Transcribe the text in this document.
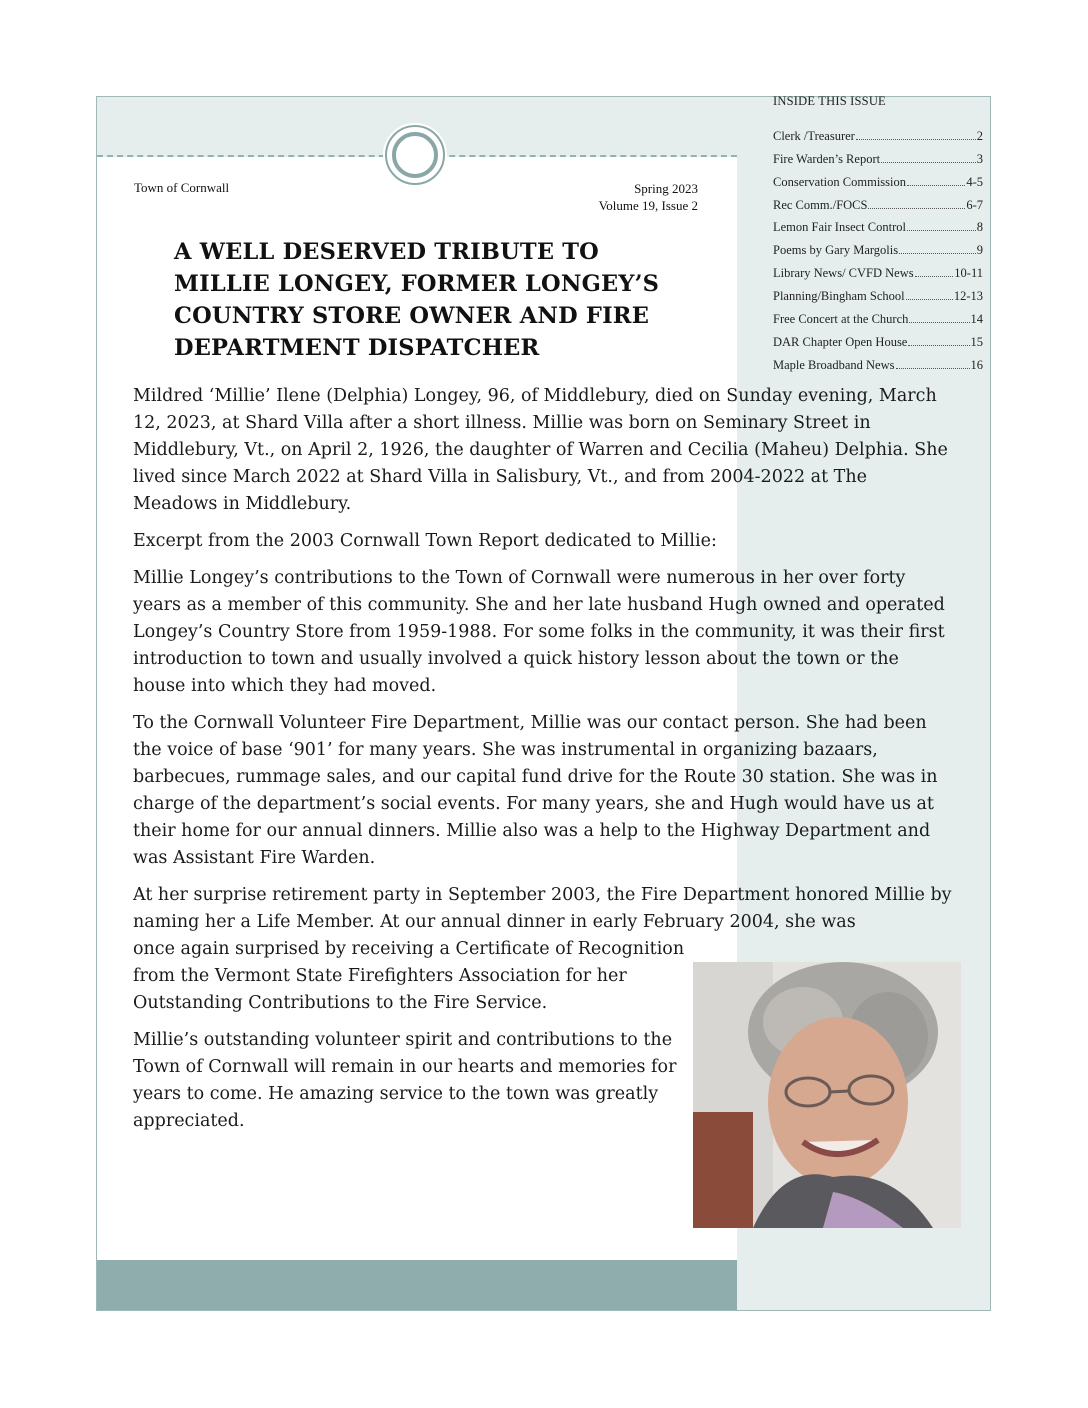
INSIDE THIS ISSUE
Clerk /Treasurer	2
Fire Warden’s Report	3
Conservation Commission	4-5
Rec Comm./FOCS	6-7
Lemon Fair Insect Control	8
Poems by Gary Margolis	9
Library News/ CVFD News	10-11
Planning/Bingham School	12-13
Free Concert at the Church	14
DAR Chapter Open House	15
Maple Broadband News	16
Town of Cornwall	Spring 2023
Volume 19, Issue 2
A WELL DESERVED TRIBUTE TO
MILLIE LONGEY, FORMER LONGEY’S
COUNTRY STORE OWNER AND FIRE
DEPARTMENT DISPATCHER

Mildred ‘Millie’ Ilene (Delphia) Longey, 96, of Middlebury, died on Sunday evening, March 12, 2023, at Shard Villa after a short illness. Millie was born on Seminary Street in Middlebury, Vt., on April 2, 1926, the daughter of Warren and Cecilia (Maheu) Delphia. She lived since March 2022 at Shard Villa in Salisbury, Vt., and from 2004-2022 at The Meadows in Middlebury.

Excerpt from the 2003 Cornwall Town Report dedicated to Millie:

Millie Longey’s contributions to the Town of Cornwall were numerous in her over forty years as a member of this community. She and her late husband Hugh owned and operated Longey’s Country Store from 1959-1988. For some folks in the community, it was their first introduction to town and usually involved a quick history lesson about the town or the house into which they had moved.

To the Cornwall Volunteer Fire Department, Millie was our contact person. She had been the voice of base ‘901’ for many years. She was instrumental in organizing bazaars, barbecues, rummage sales, and our capital fund drive for the Route 30 station. She was in charge of the department’s social events. For many years, she and Hugh would have us at their home for our annual dinners. Millie also was a help to the Highway Department and was Assistant Fire Warden.

At her surprise retirement party in September 2003, the Fire Department honored Millie by naming her a Life Member. At our annual dinner in early February 2004, she was

once again surprised by receiving a Certificate of Recognition from the Vermont State Firefighters Association for her Outstanding Contributions to the Fire Service.

Millie’s outstanding volunteer spirit and contributions to the Town of Cornwall will remain in our hearts and memories for years to come. He amazing service to the town was greatly appreciated.
